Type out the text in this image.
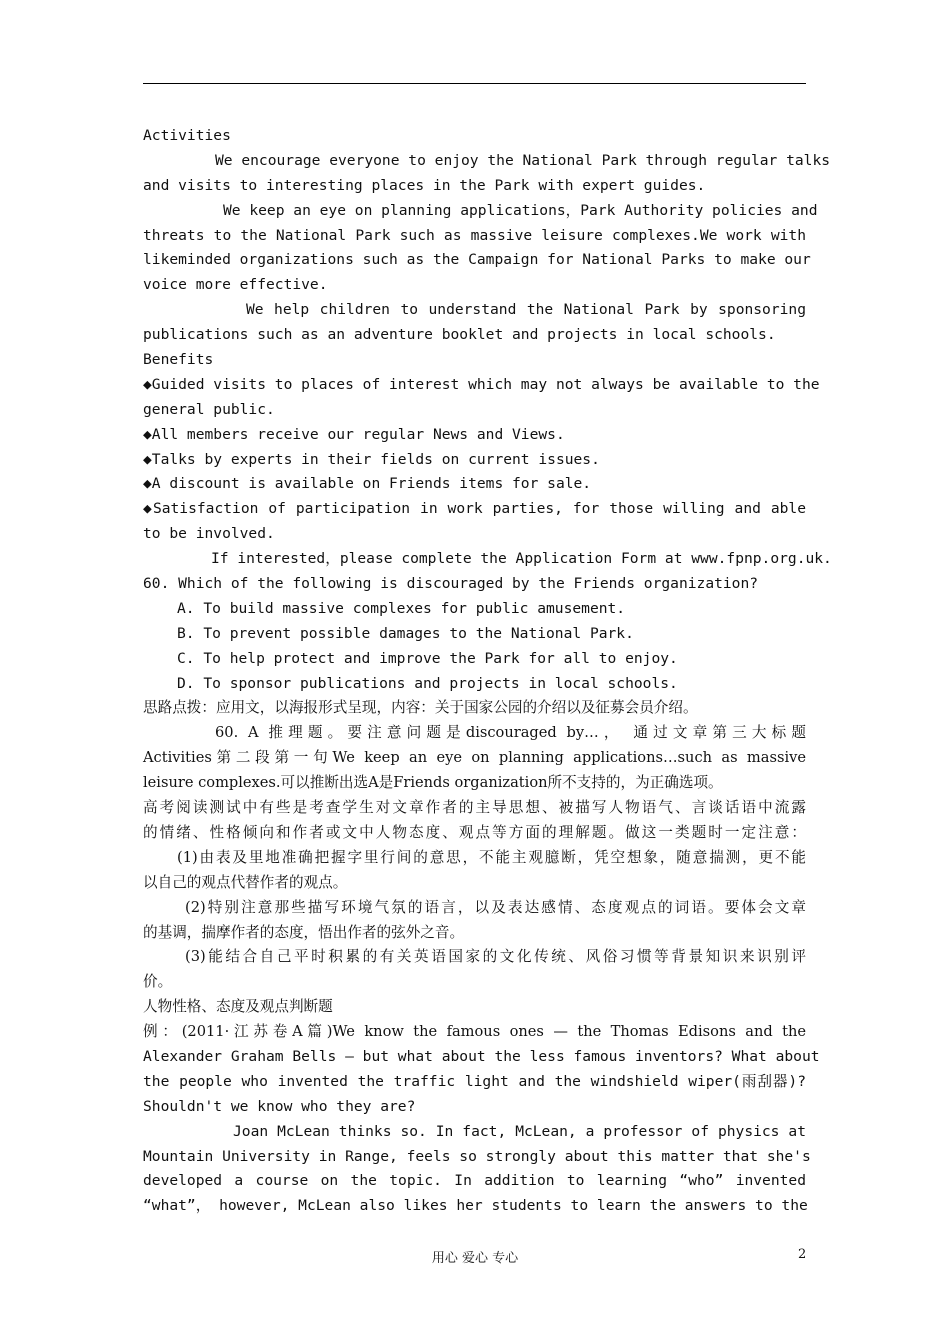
Activities
We encourage everyone to enjoy the National Park through regular talks
and visits to interesting places in the Park with expert guides.
We keep an eye on planning applications，Park Authority policies and
threats to the National Park such as massive leisure complexes.We work with
likeminded organizations such as the Campaign for National Parks to make our
voice more effective.
We help children to understand the National Park by sponsoring
publications such as an adventure booklet and projects in local schools.
Benefits
◆Guided visits to places of interest which may not always be available to the
general public.
◆All members receive our regular News and Views.
◆Talks by experts in their fields on current issues.
◆A discount is available on Friends items for sale.
◆Satisfaction of participation in work parties, for those willing and able
to be involved.
If interested，please complete the Application Form at www.fpnp.org.uk.
60. Which of the following is discouraged by the Friends organization?
A. To build massive complexes for public amusement.
B. To prevent possible damages to the National Park.
C. To help protect and improve the Park for all to enjoy.
D. To sponsor publications and projects in local schools.
思路点拨：应用文，以海报形式呈现，内容：关于国家公园的介绍以及征募会员介绍。
60. A 推理题。要注意问题是discouraged by…， 通过文章第三大标题
Activities第二段第一句We keep an eye on planning applications…such as massive
leisure complexes.可以推断出选A是Friends organization所不支持的，为正确选项。
高考阅读测试中有些是考查学生对文章作者的主导思想、被描写人物语气、言谈话语中流露
的情绪、性格倾向和作者或文中人物态度、观点等方面的理解题。做这一类题时一定注意：
(1)由表及里地准确把握字里行间的意思，不能主观臆断，凭空想象，随意揣测，更不能
以自己的观点代替作者的观点。
(2)特别注意那些描写环境气氛的语言，以及表达感情、态度观点的词语。要体会文章
的基调，揣摩作者的态度，悟出作者的弦外之音。
(3)能结合自己平时积累的有关英语国家的文化传统、风俗习惯等背景知识来识别评
价。
人物性格、态度及观点判断题
例：(2011·江苏卷A篇)We know the famous ones — the Thomas Edisons and the
Alexander Graham Bells — but what about the less famous inventors? What about
the people who invented the traffic light and the windshield wiper(雨刮器)?
Shouldn't we know who they are?
Joan McLean thinks so. In fact, McLean, a professor of physics at
Mountain University in Range, feels so strongly about this matter that she's
developed a course on the topic. In addition to learning “who” invented
“what”， however, McLean also likes her students to learn the answers to the
用心 爱心 专心	2
